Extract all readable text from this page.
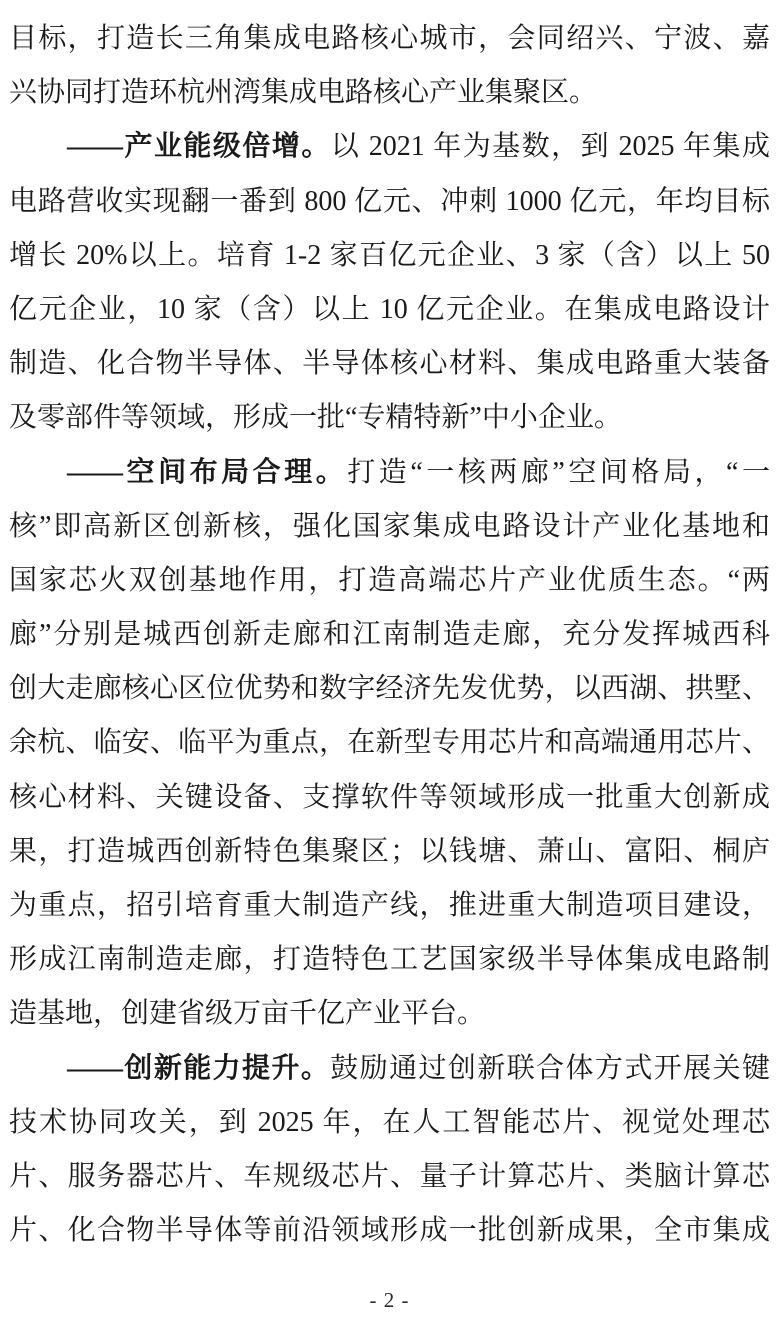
目标，打造长三角集成电路核心城市，会同绍兴、宁波、嘉
兴协同打造环杭州湾集成电路核心产业集聚区。
——产业能级倍增。以 2021 年为基数，到 2025 年集成
电路营收实现翻一番到 800 亿元、冲刺 1000 亿元，年均目标
增长 20%以上。培育 1-2 家百亿元企业、3 家（含）以上 50
亿元企业，10 家（含）以上 10 亿元企业。在集成电路设计
制造、化合物半导体、半导体核心材料、集成电路重大装备
及零部件等领域，形成一批“专精特新”中小企业。
——空间布局合理。打造“一核两廊”空间格局，“一
核”即高新区创新核，强化国家集成电路设计产业化基地和
国家芯火双创基地作用，打造高端芯片产业优质生态。“两
廊”分别是城西创新走廊和江南制造走廊，充分发挥城西科
创大走廊核心区位优势和数字经济先发优势，以西湖、拱墅、
余杭、临安、临平为重点，在新型专用芯片和高端通用芯片、
核心材料、关键设备、支撑软件等领域形成一批重大创新成
果，打造城西创新特色集聚区；以钱塘、萧山、富阳、桐庐
为重点，招引培育重大制造产线，推进重大制造项目建设，
形成江南制造走廊，打造特色工艺国家级半导体集成电路制
造基地，创建省级万亩千亿产业平台。
——创新能力提升。鼓励通过创新联合体方式开展关键
技术协同攻关，到 2025 年，在人工智能芯片、视觉处理芯
片、服务器芯片、车规级芯片、量子计算芯片、类脑计算芯
片、化合物半导体等前沿领域形成一批创新成果，全市集成
- 2 -
